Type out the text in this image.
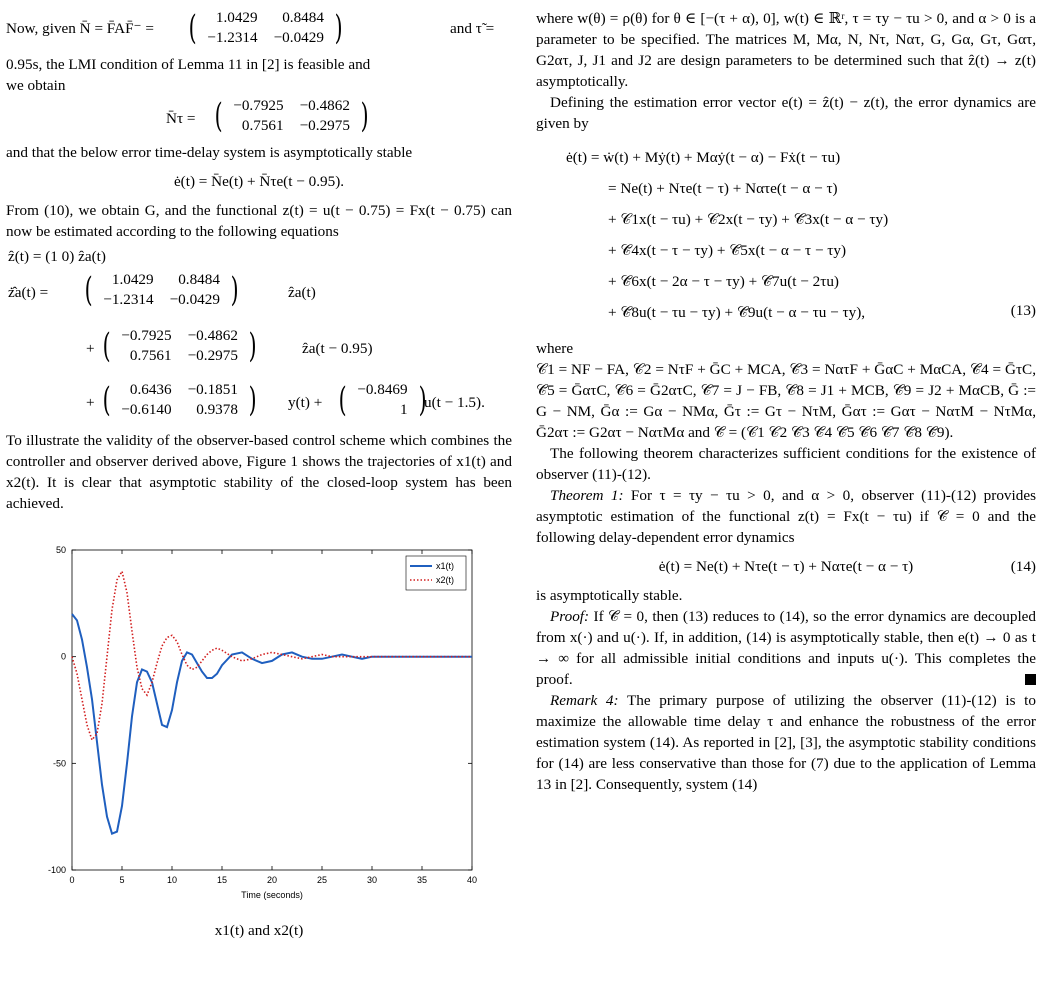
Now, given N̄ = F̄AF̄⁻ = ( 1.0429	0.8484
−1.2314	−0.0429 )	and τ̃ =

0.95s, the LMI condition of Lemma 11 in [2] is feasible and

we obtain

N̄τ = ( −0.7925	−0.4862
0.7561	−0.2975 )

and that the below error time-delay system is asymptotically stable

ė(t) = N̄e(t) + N̄τe(t − 0.95).

From (10), we obtain G, and the functional z(t) = u(t − 0.75) = Fx(t − 0.75) can now be estimated according to the following equations

ẑ(t) = (1 0) ẑa(t)
ż̂a(t) = ( 1.0429	0.8484
−1.2314	−0.0429 )	ẑa(t)
+ ( −0.7925	−0.4862
0.7561	−0.2975 )	ẑa(t − 0.95)
+ ( 0.6436	−0.1851
−0.6140	0.9378 ) y(t) + ( −0.8469
1 )
u(t − 1.5).

To illustrate the validity of the observer-based control scheme which combines the controller and observer derived above, Figure 1 shows the trajectories of x1(t) and x2(t). It is clear that asymptotic stability of the closed-loop system has been achieved.

0	5	10	15	20	25	30	35	40
50
0
-50
-100
Time (seconds)
x1(t)
x2(t)

x1(t) and x2(t)

where w(θ) = ρ(θ) for θ ∈ [−(τ + α), 0], w(t) ∈ ℝʳ, τ = τy − τu > 0, and α > 0 is a parameter to be specified. The matrices M, Mα, N, Nτ, Nατ, G, Gα, Gτ, Gατ, G2ατ, J, J1 and J2 are design parameters to be determined such that ẑ(t) → z(t) asymptotically.

Defining the estimation error vector e(t) = ẑ(t) − z(t), the error dynamics are given by

ė(t) = ẇ(t) + Mẏ(t) + Mαẏ(t − α) − Fẋ(t − τu)
= Ne(t) + Nτe(t − τ) + Nατe(t − α − τ)
+ 𝒞1x(t − τu) + 𝒞2x(t − τy) + 𝒞̄3x(t − α − τy)
+ 𝒞̄4x(t − τ − τy) + 𝒞̄5x(t − α − τ − τy)
+ 𝒞̄6x(t − 2α − τ − τy) + 𝒞̄7u(t − 2τu)
+ 𝒞̄8u(t − τu − τy) + 𝒞̄9u(t − α − τu − τy),	(13)

where

𝒞1 = NF − FA, 𝒞2 = NτF + ḠC + MCA, 𝒞̄3 = NατF + ḠαC + MαCA, 𝒞̄4 = ḠτC, 𝒞̄5 = ḠατC, 𝒞̄6 = Ḡ2ατC, 𝒞̄7 = J − FB, 𝒞̄8 = J1 + MCB, 𝒞̄9 = J2 + MαCB, Ḡ := G − NM, Ḡα := Gα − NMα, Ḡτ := Gτ − NτM, Ḡατ := Gατ − NατM − NτMα, Ḡ2ατ := G2ατ − NατMα and 𝒞̄ = (𝒞1 𝒞2 𝒞̄3 𝒞̄4 𝒞̄5 𝒞̄6 𝒞̄7 𝒞̄8 𝒞̄9).

The following theorem characterizes sufficient conditions for the existence of observer (11)-(12).

Theorem 1: For τ = τy − τu > 0, and α > 0, observer (11)-(12) provides asymptotic estimation of the functional z(t) = Fx(t − τu) if 𝒞̄ = 0 and the following delay-dependent error dynamics

ė(t) = Ne(t) + Nτe(t − τ) + Nατe(t − α − τ)	(14)

is asymptotically stable.

Proof: If 𝒞̄ = 0, then (13) reduces to (14), so the error dynamics are decoupled from x(·) and u(·). If, in addition, (14) is asymptotically stable, then e(t) → 0 as t → ∞ for all admissible initial conditions and inputs u(·). This completes the proof.

Remark 4: The primary purpose of utilizing the observer (11)-(12) is to maximize the allowable time delay τ and enhance the robustness of the error estimation system (14). As reported in [2], [3], the asymptotic stability conditions for (14) are less conservative than those for (7) due to the application of Lemma 13 in [2]. Consequently, system (14)
